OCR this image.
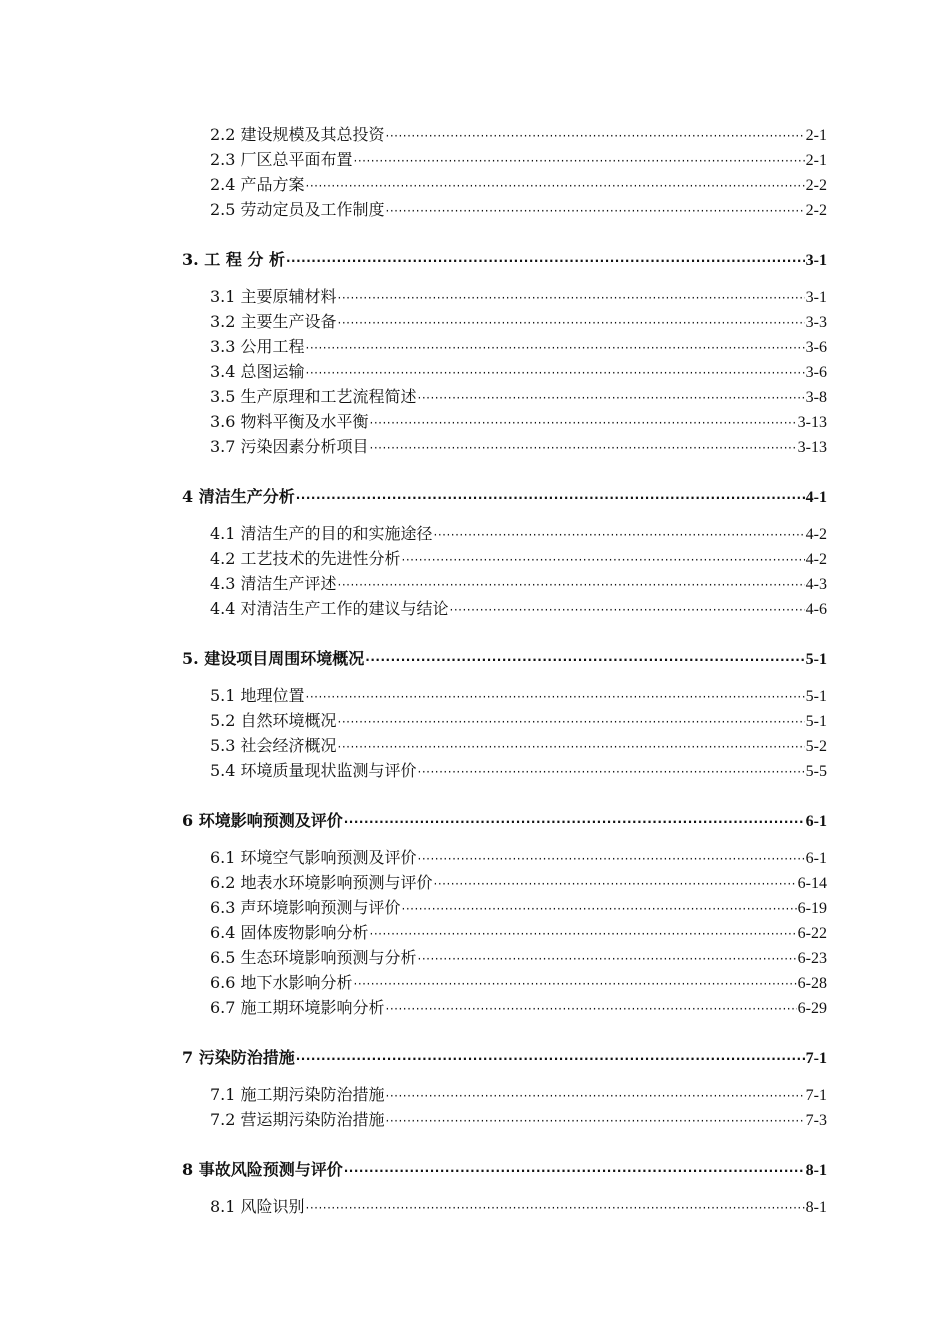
2.2 建设规模及其总投资 ·····	2-1
2.3 厂区总平面布置 ·····	2-1
2.4 产品方案 ·····	2-2
2.5 劳动定员及工作制度 ·····	2-2
3. 工 程 分 析 ·····	3-1
3.1 主要原辅材料 ·····	3-1
3.2 主要生产设备 ·····	3-3
3.3 公用工程 ·····	3-6
3.4 总图运输 ·····	3-6
3.5 生产原理和工艺流程简述 ·····	3-8
3.6 物料平衡及水平衡 ·····	3-13
3.7 污染因素分析项目 ·····	3-13
4 清洁生产分析 ·····	4-1
4.1 清洁生产的目的和实施途径 ·····	4-2
4.2 工艺技术的先进性分析 ·····	4-2
4.3 清洁生产评述 ·····	4-3
4.4 对清洁生产工作的建议与结论 ·····	4-6
5. 建设项目周围环境概况 ·····	5-1
5.1 地理位置 ·····	5-1
5.2 自然环境概况 ·····	5-1
5.3 社会经济概况 ·····	5-2
5.4 环境质量现状监测与评价 ·····	5-5
6 环境影响预测及评价 ·····	6-1
6.1 环境空气影响预测及评价 ·····	6-1
6.2 地表水环境影响预测与评价 ·····	6-14
6.3 声环境影响预测与评价 ·····	6-19
6.4 固体废物影响分析 ·····	6-22
6.5 生态环境影响预测与分析 ·····	6-23
6.6 地下水影响分析 ·····	6-28
6.7 施工期环境影响分析 ·····	6-29
7 污染防治措施 ·····	7-1
7.1 施工期污染防治措施 ·····	7-1
7.2 营运期污染防治措施 ·····	7-3
8 事故风险预测与评价 ·····	8-1
8.1 风险识别 ·····	8-1
